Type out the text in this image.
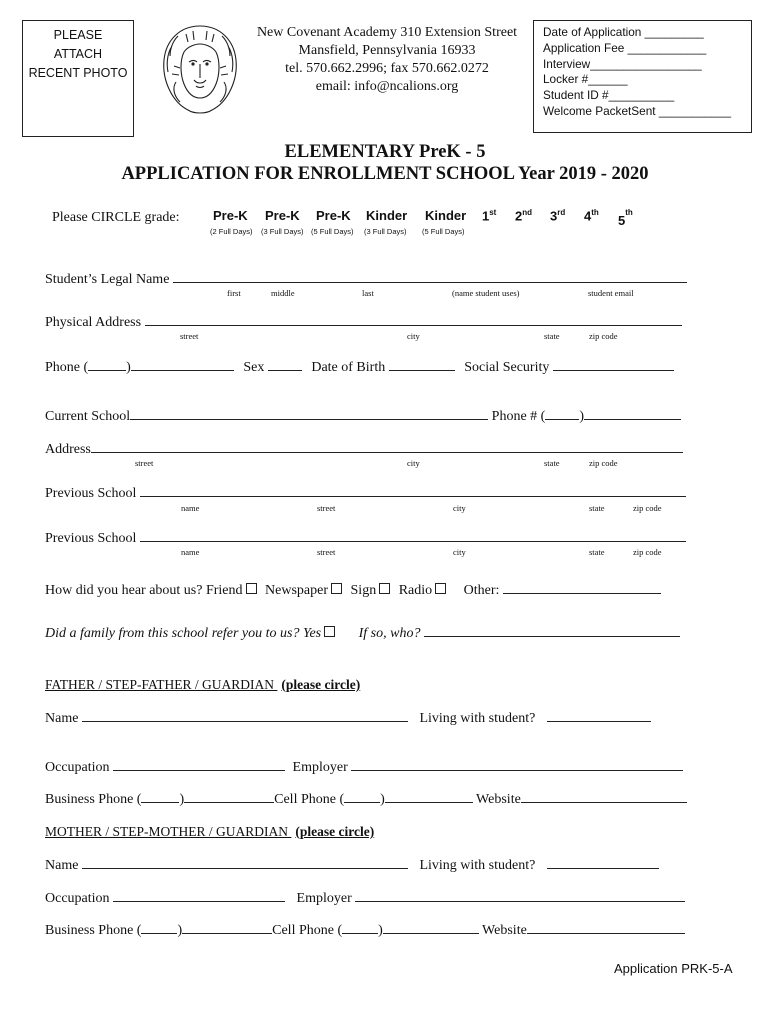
PLEASE
ATTACH
RECENT PHOTO
New Covenant Academy 310 Extension Street
Mansfield, Pennsylvania 16933
tel. 570.662.2996; fax 570.662.0272
email: info@ncalions.org
Date of Application _________
Application Fee ____________
Interview_________________
Locker #______
Student ID #__________
Welcome PacketSent ___________
ELEMENTARY PreK - 5
APPLICATION FOR ENROLLMENT SCHOOL Year 2019 - 2020
Please CIRCLE grade:	Pre-K Pre-K Pre-K Kinder Kinder
(2 Full Days) (3 Full Days) (5 Full Days) (3 Full Days) (5 Full Days)
1st 2nd 3rd 4th
5th
Student’s Legal Name
first	middle	last	(name student uses)	student email
Physical Address
street	city	state	zip code
Phone (	)	Sex	Date of Birth	Social Security
Current School	Phone # ( )
Address
street	city	state	zip code
Previous School
name	street	city	state	zip code
Previous School
name	street	city	state	zip code
How did you hear about us? Friend Newspaper Sign Radio Other:
Did a family from this school refer you to us? Yes	If so, who?
FATHER / STEP-FATHER / GUARDIAN (please circle)
Name	Living with student?
Occupation	Employer
Business Phone (	)	Cell Phone (	)	Website
MOTHER / STEP-MOTHER / GUARDIAN (please circle)
Name	Living with student?
Occupation	Employer
Business Phone (	)	Cell Phone (	)	Website
Application PRK-5-A
